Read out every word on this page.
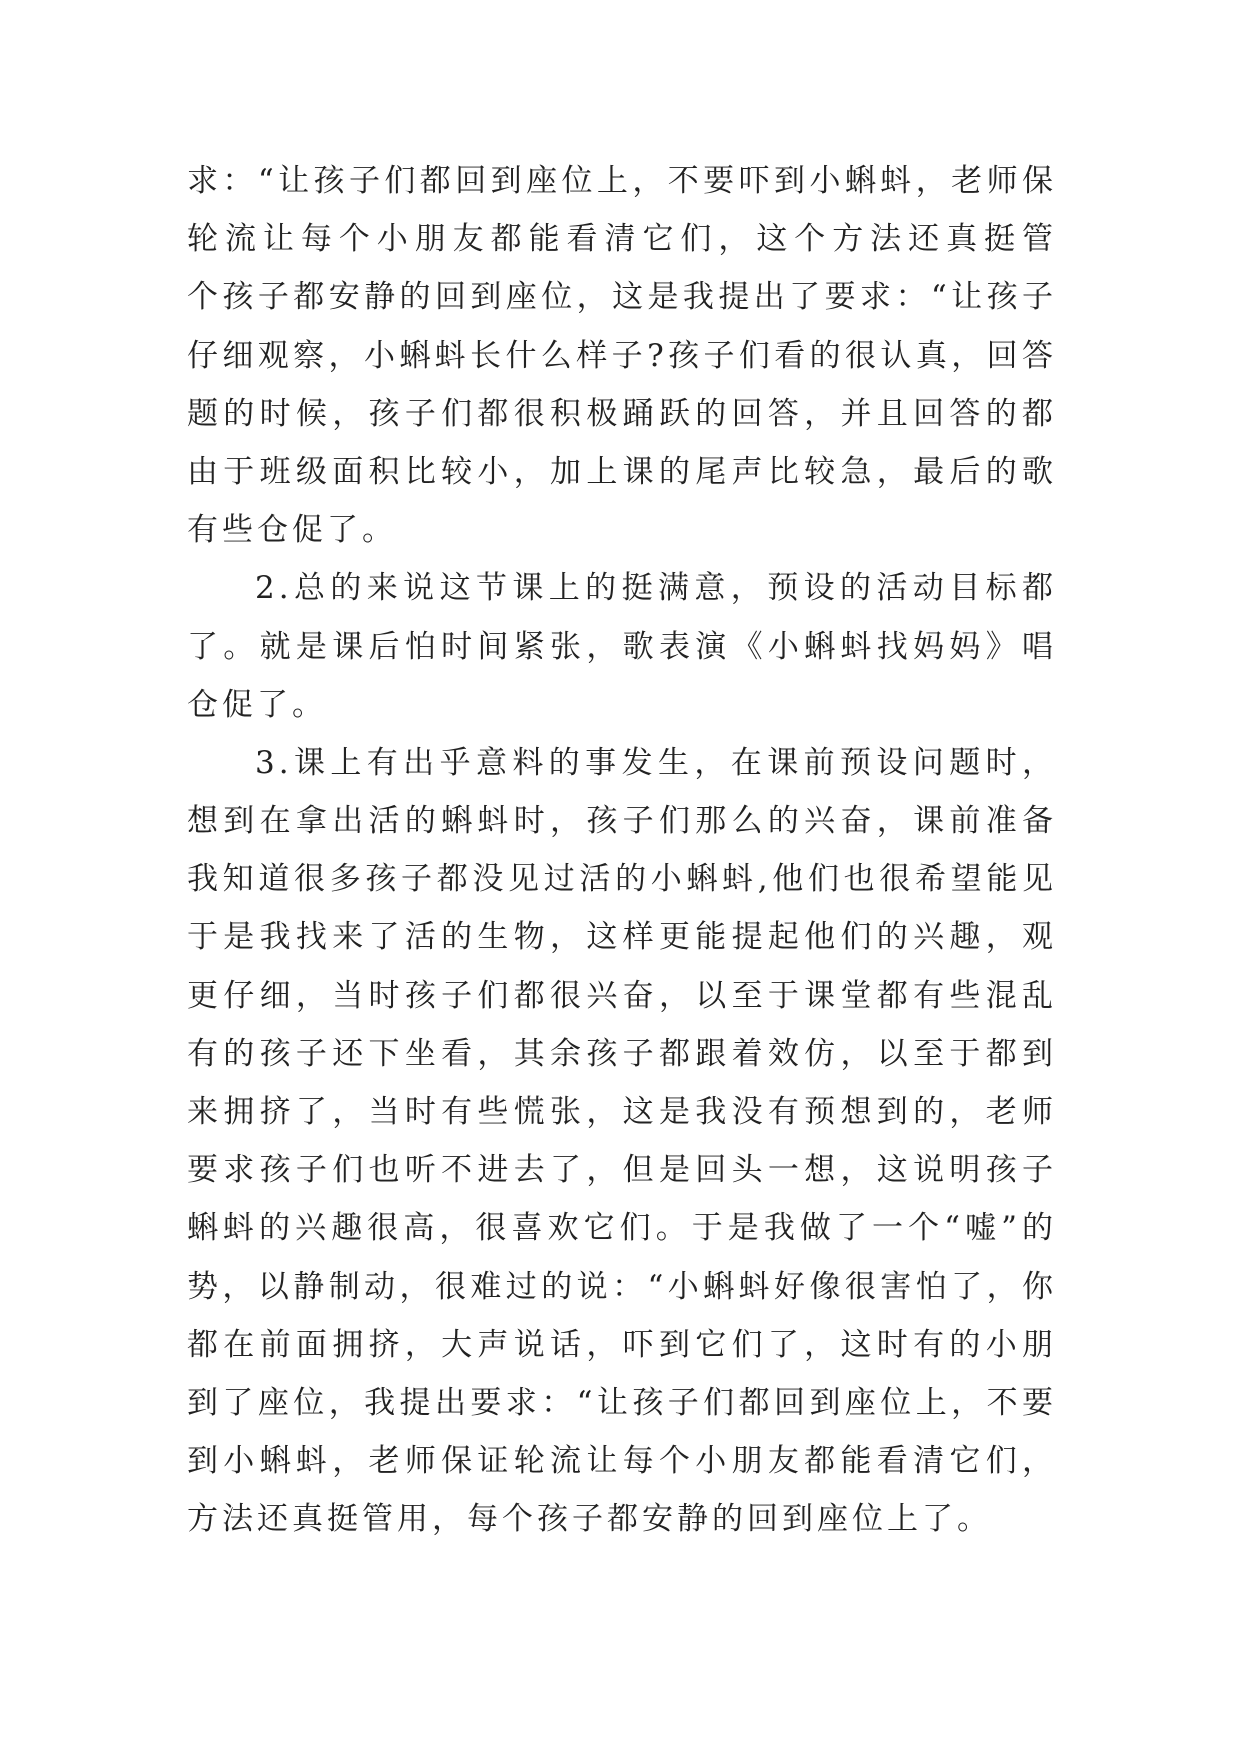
求：“让孩子们都回到座位上，不要吓到小蝌蚪，老师保
轮流让每个小朋友都能看清它们，这个方法还真挺管
个孩子都安静的回到座位，这是我提出了要求：“让孩子
仔细观察，小蝌蚪长什么样子?孩子们看的很认真，回答
题的时候，孩子们都很积极踊跃的回答，并且回答的都
由于班级面积比较小，加上课的尾声比较急，最后的歌
有些仓促了。
2.总的来说这节课上的挺满意，预设的活动目标都
了。就是课后怕时间紧张，歌表演《小蝌蚪找妈妈》唱
仓促了。
3.课上有出乎意料的事发生，在课前预设问题时，
想到在拿出活的蝌蚪时，孩子们那么的兴奋，课前准备
我知道很多孩子都没见过活的小蝌蚪,他们也很希望能见
于是我找来了活的生物，这样更能提起他们的兴趣，观
更仔细，当时孩子们都很兴奋，以至于课堂都有些混乱
有的孩子还下坐看，其余孩子都跟着效仿，以至于都到
来拥挤了，当时有些慌张，这是我没有预想到的，老师
要求孩子们也听不进去了，但是回头一想，这说明孩子
蝌蚪的兴趣很高，很喜欢它们。于是我做了一个“嘘”的
势，以静制动，很难过的说：“小蝌蚪好像很害怕了，你
都在前面拥挤，大声说话，吓到它们了，这时有的小朋
到了座位，我提出要求：“让孩子们都回到座位上，不要
到小蝌蚪，老师保证轮流让每个小朋友都能看清它们，
方法还真挺管用，每个孩子都安静的回到座位上了。
